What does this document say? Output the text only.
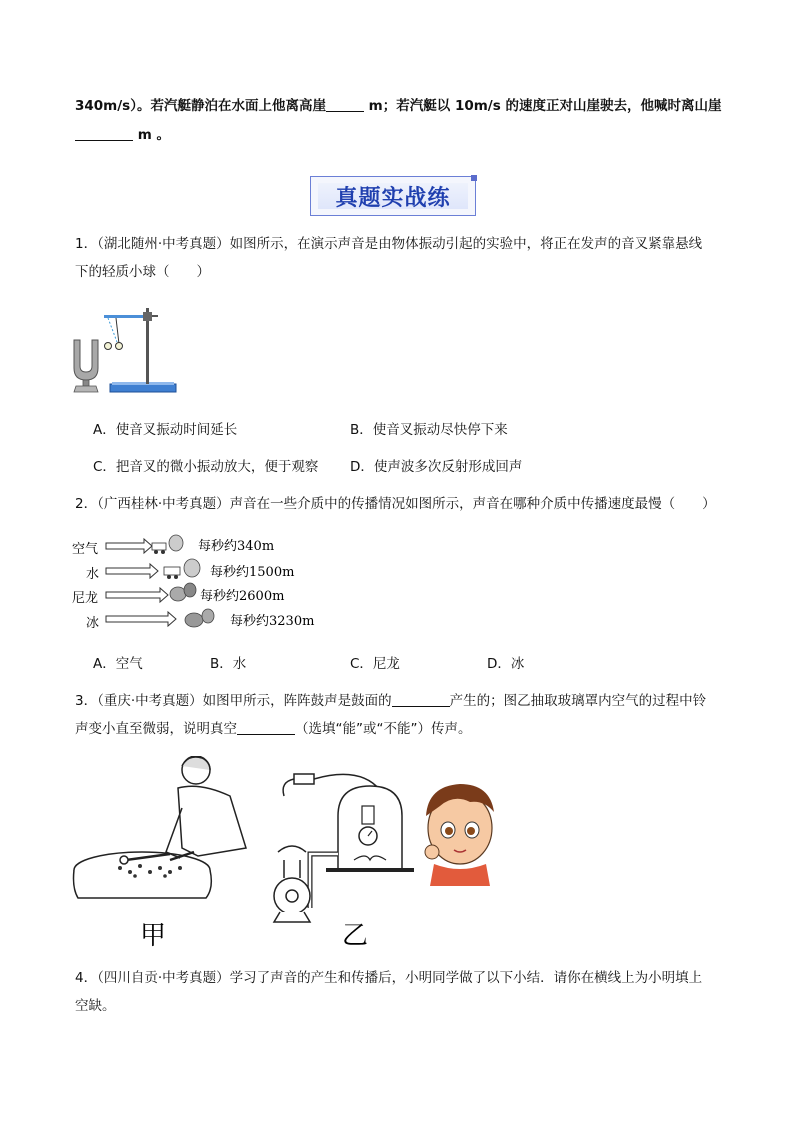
340m/s）。若汽艇静泊在水面上他离高崖	m；若汽艇以 10m/s 的速度正对山崖驶去，他喊时离山崖
m 。
真题实战练
1．（湖北随州·中考真题）如图所示，在演示声音是由物体振动引起的实验中，将正在发声的音叉紧靠悬线
下的轻质小球（　　）
A．使音叉振动时间延长	B．使音叉振动尽快停下来
C．把音叉的微小振动放大，便于观察 D．使声波多次反射形成回声
2．（广西桂林·中考真题）声音在一些介质中的传播情况如图所示，声音在哪种介质中传播速度最慢（　　）
空气	每秒约340m
水	每秒约1500m
尼龙	每秒约2600m
冰	每秒约3230m
A．空气	B．水	C．尼龙	D．冰
3．（重庆·中考真题）如图甲所示，阵阵鼓声是鼓面的	产生的；图乙抽取玻璃罩内空气的过程中铃
声变小直至微弱，说明真空	（选填“能”或“不能”）传声。
甲	乙
4．（四川自贡·中考真题）学习了声音的产生和传播后，小明同学做了以下小结．请你在横线上为小明填上
空缺。
